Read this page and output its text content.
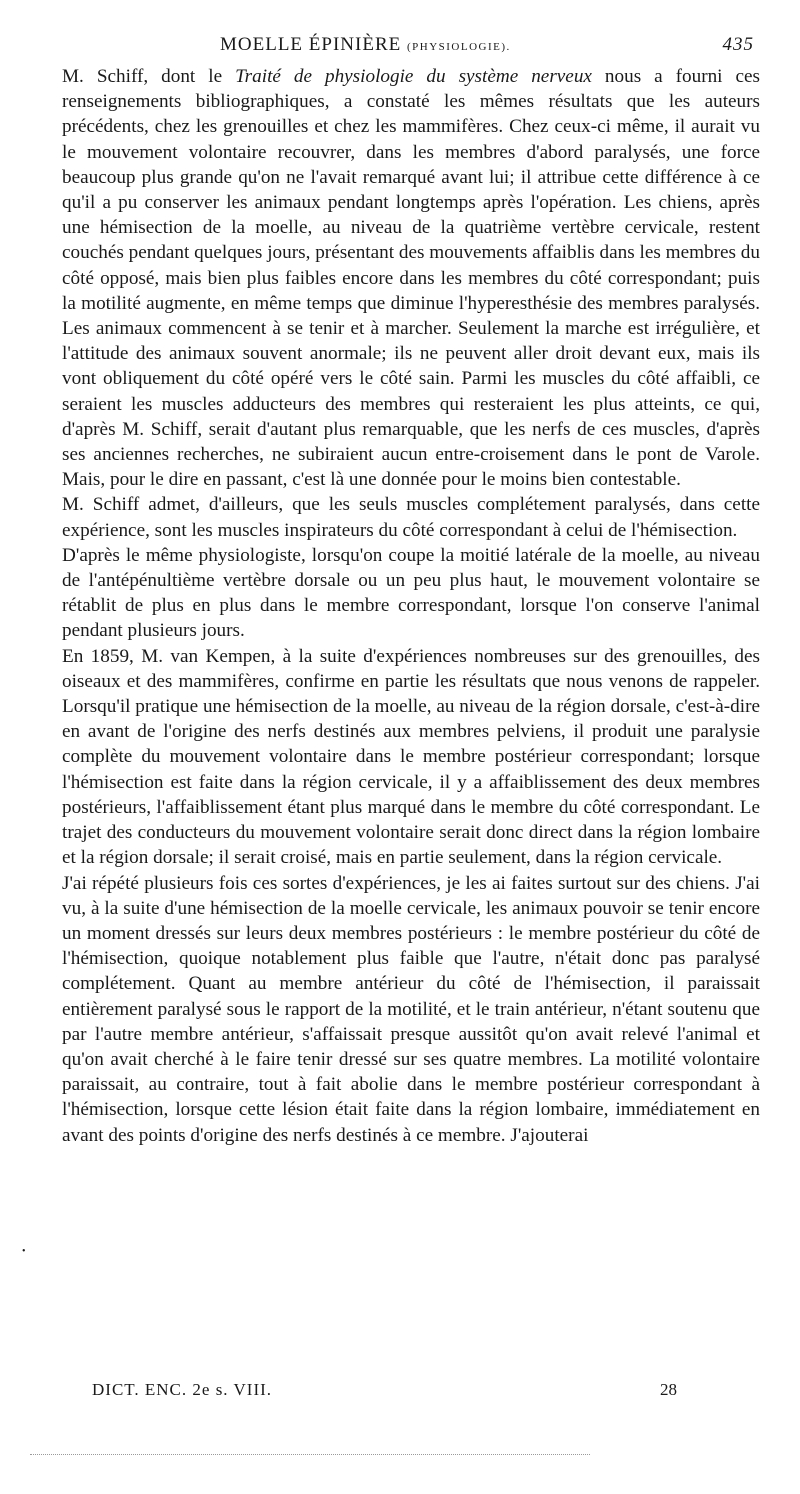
MOELLE ÉPINIÈRE (PHYSIOLOGIE).	435

M. Schiff, dont le Traité de physiologie du système nerveux nous a fourni ces renseignements bibliographiques, a constaté les mêmes résultats que les auteurs précédents, chez les grenouilles et chez les mammifères. Chez ceux-ci même, il aurait vu le mouvement volontaire recouvrer, dans les membres d'abord paralysés, une force beaucoup plus grande qu'on ne l'avait remarqué avant lui; il attribue cette différence à ce qu'il a pu conserver les animaux pendant longtemps après l'opération. Les chiens, après une hémisection de la moelle, au niveau de la quatrième vertèbre cervicale, restent couchés pendant quelques jours, présentant des mouvements affaiblis dans les membres du côté opposé, mais bien plus faibles encore dans les membres du côté correspondant; puis la motilité augmente, en même temps que diminue l'hyperesthésie des membres paralysés. Les animaux commencent à se tenir et à marcher. Seulement la marche est irrégulière, et l'attitude des animaux souvent anormale; ils ne peuvent aller droit devant eux, mais ils vont obliquement du côté opéré vers le côté sain. Parmi les muscles du côté affaibli, ce seraient les muscles adducteurs des membres qui resteraient les plus atteints, ce qui, d'après M. Schiff, serait d'autant plus remarquable, que les nerfs de ces muscles, d'après ses anciennes recherches, ne subiraient aucun entre-croisement dans le pont de Varole. Mais, pour le dire en passant, c'est là une donnée pour le moins bien contestable.

M. Schiff admet, d'ailleurs, que les seuls muscles complétement paralysés, dans cette expérience, sont les muscles inspirateurs du côté correspondant à celui de l'hémisection.

D'après le même physiologiste, lorsqu'on coupe la moitié latérale de la moelle, au niveau de l'antépénultième vertèbre dorsale ou un peu plus haut, le mouvement volontaire se rétablit de plus en plus dans le membre correspondant, lorsque l'on conserve l'animal pendant plusieurs jours.

En 1859, M. van Kempen, à la suite d'expériences nombreuses sur des grenouilles, des oiseaux et des mammifères, confirme en partie les résultats que nous venons de rappeler. Lorsqu'il pratique une hémisection de la moelle, au niveau de la région dorsale, c'est-à-dire en avant de l'origine des nerfs destinés aux membres pelviens, il produit une paralysie complète du mouvement volontaire dans le membre postérieur correspondant; lorsque l'hémisection est faite dans la région cervicale, il y a affaiblissement des deux membres postérieurs, l'affaiblissement étant plus marqué dans le membre du côté correspondant. Le trajet des conducteurs du mouvement volontaire serait donc direct dans la région lombaire et la région dorsale; il serait croisé, mais en partie seulement, dans la région cervicale.

J'ai répété plusieurs fois ces sortes d'expériences, je les ai faites surtout sur des chiens. J'ai vu, à la suite d'une hémisection de la moelle cervicale, les animaux pouvoir se tenir encore un moment dressés sur leurs deux membres postérieurs : le membre postérieur du côté de l'hémisection, quoique notablement plus faible que l'autre, n'était donc pas paralysé complétement. Quant au membre antérieur du côté de l'hémisection, il paraissait entièrement paralysé sous le rapport de la motilité, et le train antérieur, n'étant soutenu que par l'autre membre antérieur, s'affaissait presque aussitôt qu'on avait relevé l'animal et qu'on avait cherché à le faire tenir dressé sur ses quatre membres. La motilité volontaire paraissait, au contraire, tout à fait abolie dans le membre postérieur correspondant à l'hémisection, lorsque cette lésion était faite dans la région lombaire, immédiatement en avant des points d'origine des nerfs destinés à ce membre. J'ajouterai

•
DICT. ENC. 2e s. VIII.	28
